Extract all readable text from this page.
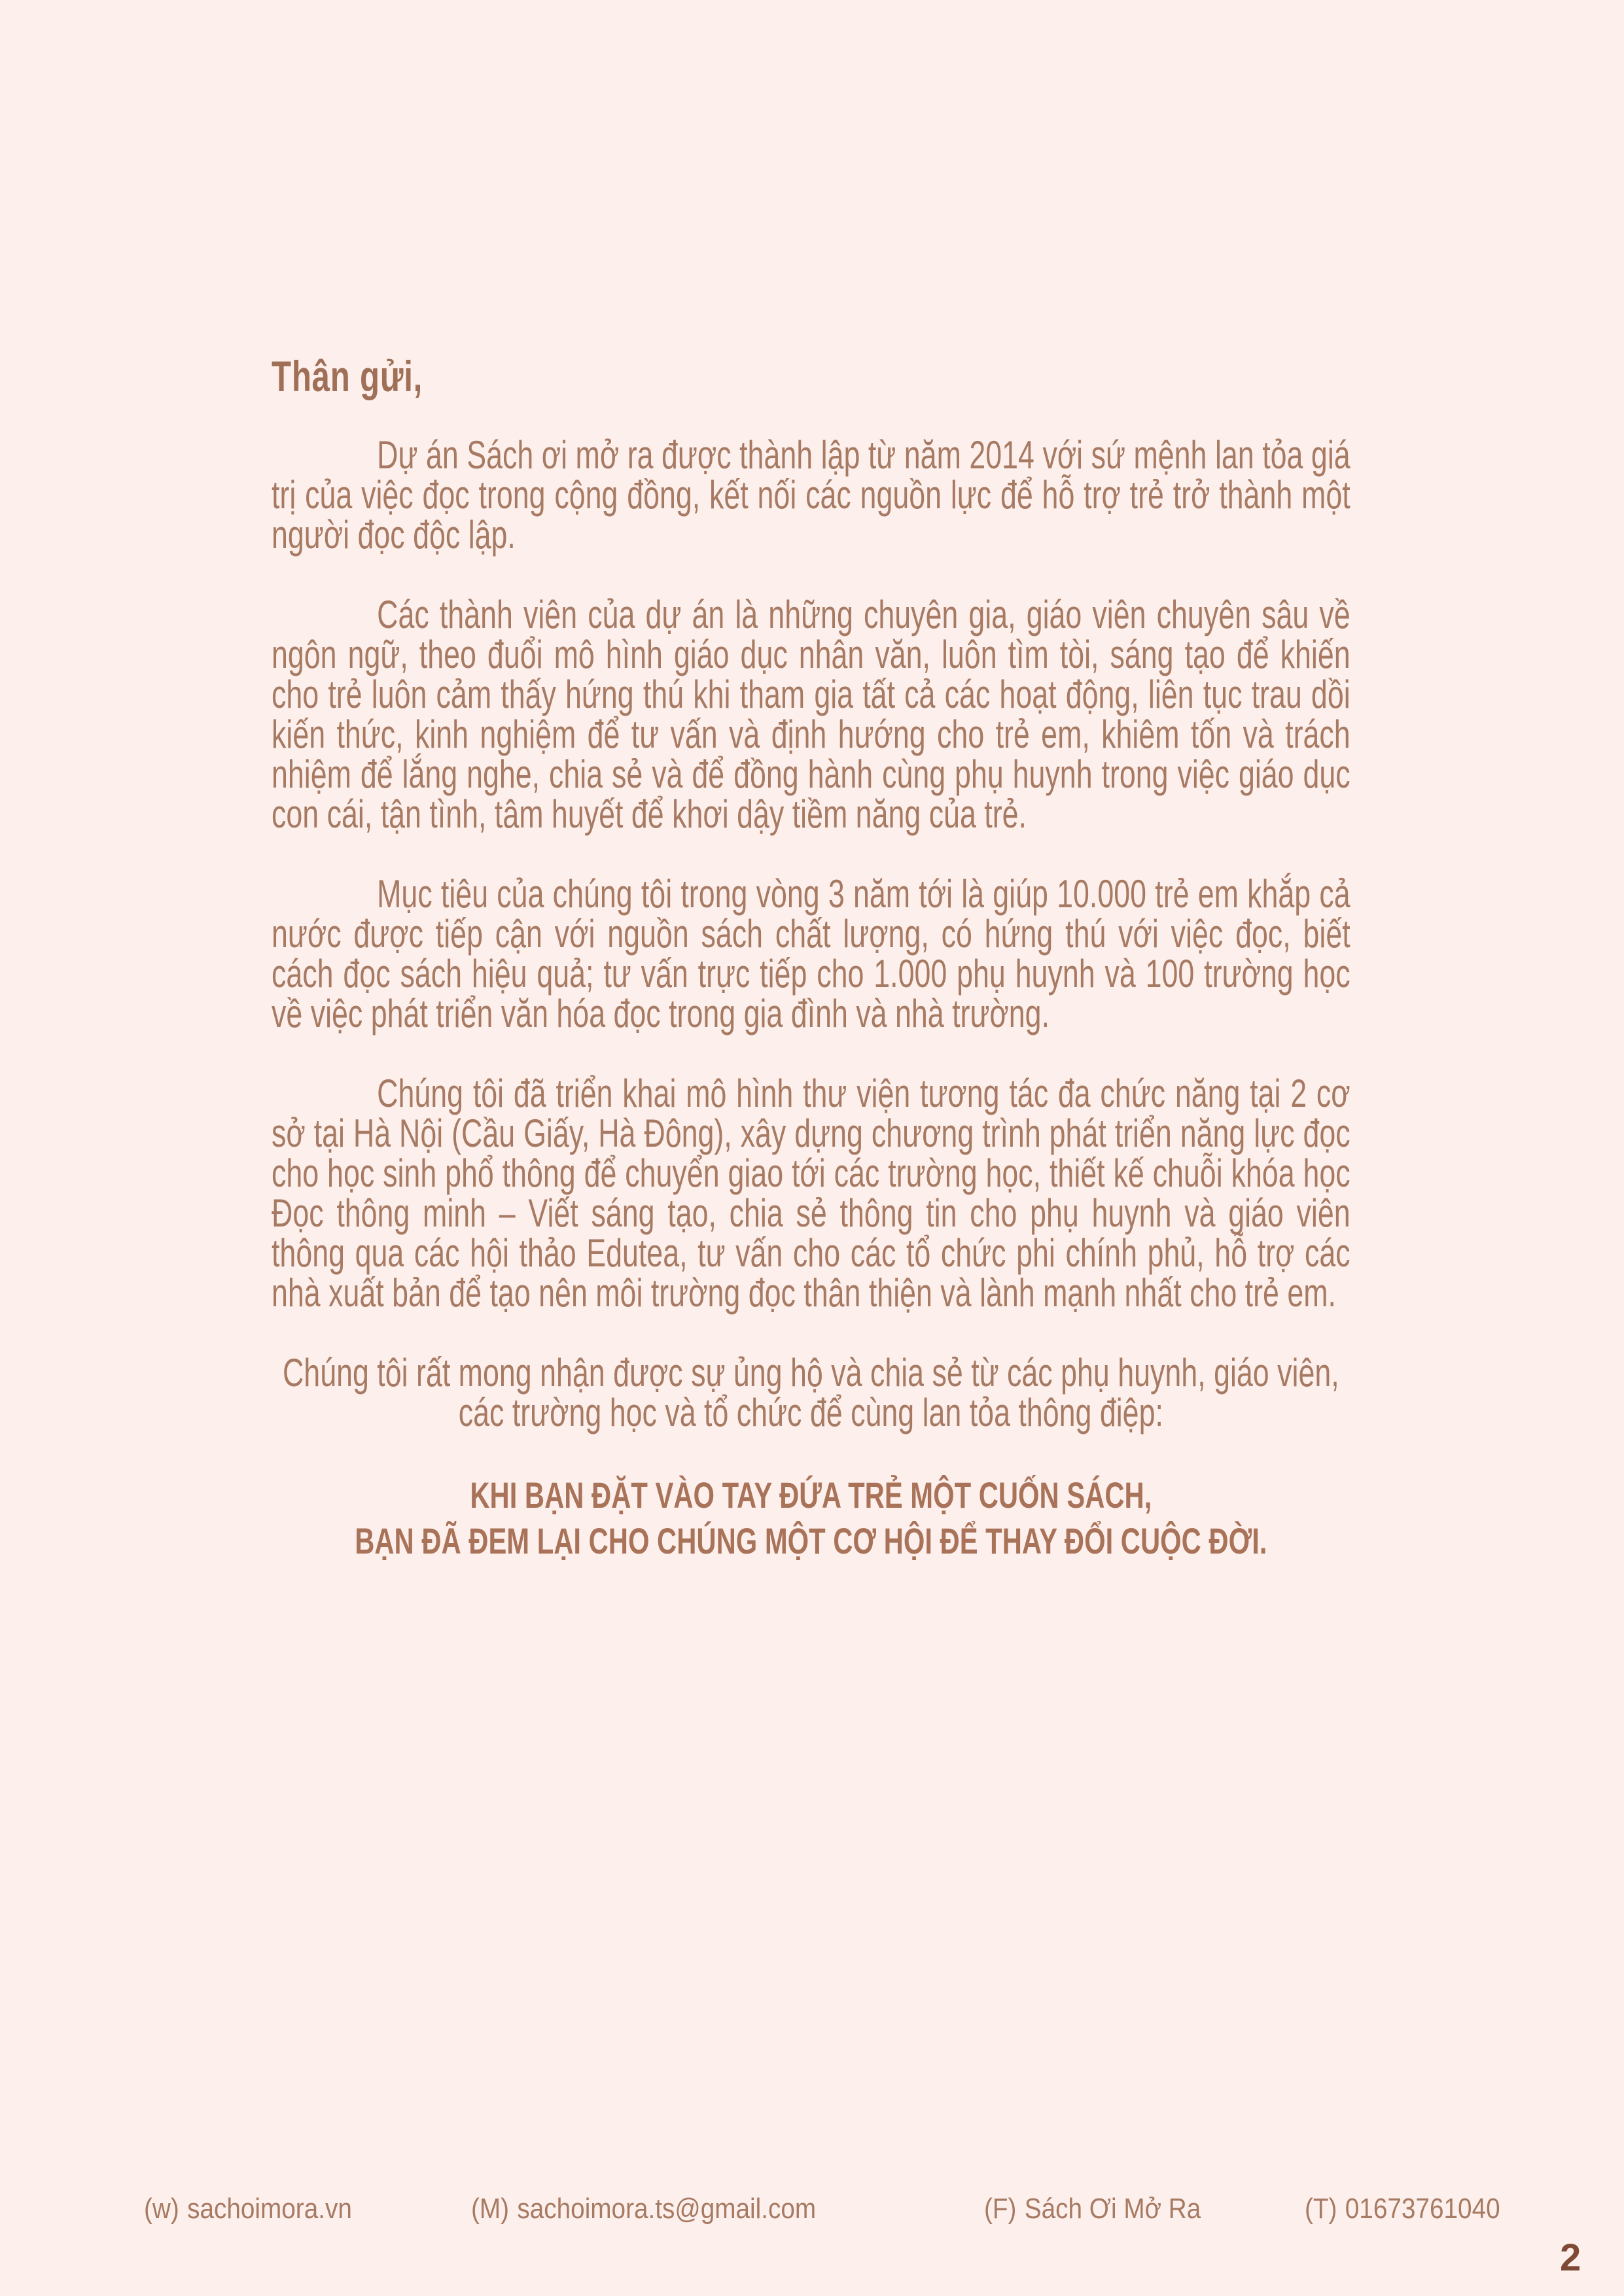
Thân gửi,

Dự án Sách ơi mở ra được thành lập từ năm 2014 với sứ mệnh lan tỏa giá trị của việc đọc trong cộng đồng, kết nối các nguồn lực để hỗ trợ trẻ trở thành một người đọc độc lập.

Các thành viên của dự án là những chuyên gia, giáo viên chuyên sâu về ngôn ngữ, theo đuổi mô hình giáo dục nhân văn, luôn tìm tòi, sáng tạo để khiến cho trẻ luôn cảm thấy hứng thú khi tham gia tất cả các hoạt động, liên tục trau dồi kiến thức, kinh nghiệm để tư vấn và định hướng cho trẻ em, khiêm tốn và trách nhiệm để lắng nghe, chia sẻ và để đồng hành cùng phụ huynh trong việc giáo dục con cái, tận tình, tâm huyết để khơi dậy tiềm năng của trẻ.

Mục tiêu của chúng tôi trong vòng 3 năm tới là giúp 10.000 trẻ em khắp cả nước được tiếp cận với nguồn sách chất lượng, có hứng thú với việc đọc, biết cách đọc sách hiệu quả; tư vấn trực tiếp cho 1.000 phụ huynh và 100 trường học về việc phát triển văn hóa đọc trong gia đình và nhà trường.

Chúng tôi đã triển khai mô hình thư viện tương tác đa chức năng tại 2 cơ sở tại Hà Nội (Cầu Giấy, Hà Đông), xây dựng chương trình phát triển năng lực đọc cho học sinh phổ thông để chuyển giao tới các trường học, thiết kế chuỗi khóa học Đọc thông minh – Viết sáng tạo, chia sẻ thông tin cho phụ huynh và giáo viên thông qua các hội thảo Edutea, tư vấn cho các tổ chức phi chính phủ, hỗ trợ các nhà xuất bản để tạo nên môi trường đọc thân thiện và lành mạnh nhất cho trẻ em.

Chúng tôi rất mong nhận được sự ủng hộ và chia sẻ từ các phụ huynh, giáo viên, các trường học và tổ chức để cùng lan tỏa thông điệp:

KHI BẠN ĐẶT VÀO TAY ĐỨA TRẺ MỘT CUỐN SÁCH,
BẠN ĐÃ ĐEM LẠI CHO CHÚNG MỘT CƠ HỘI ĐỂ THAY ĐỔI CUỘC ĐỜI.
(w) sachoimora.vn	(M) sachoimora.ts@gmail.com	(F) Sách Ơi Mở Ra	(T) 01673761040
2
